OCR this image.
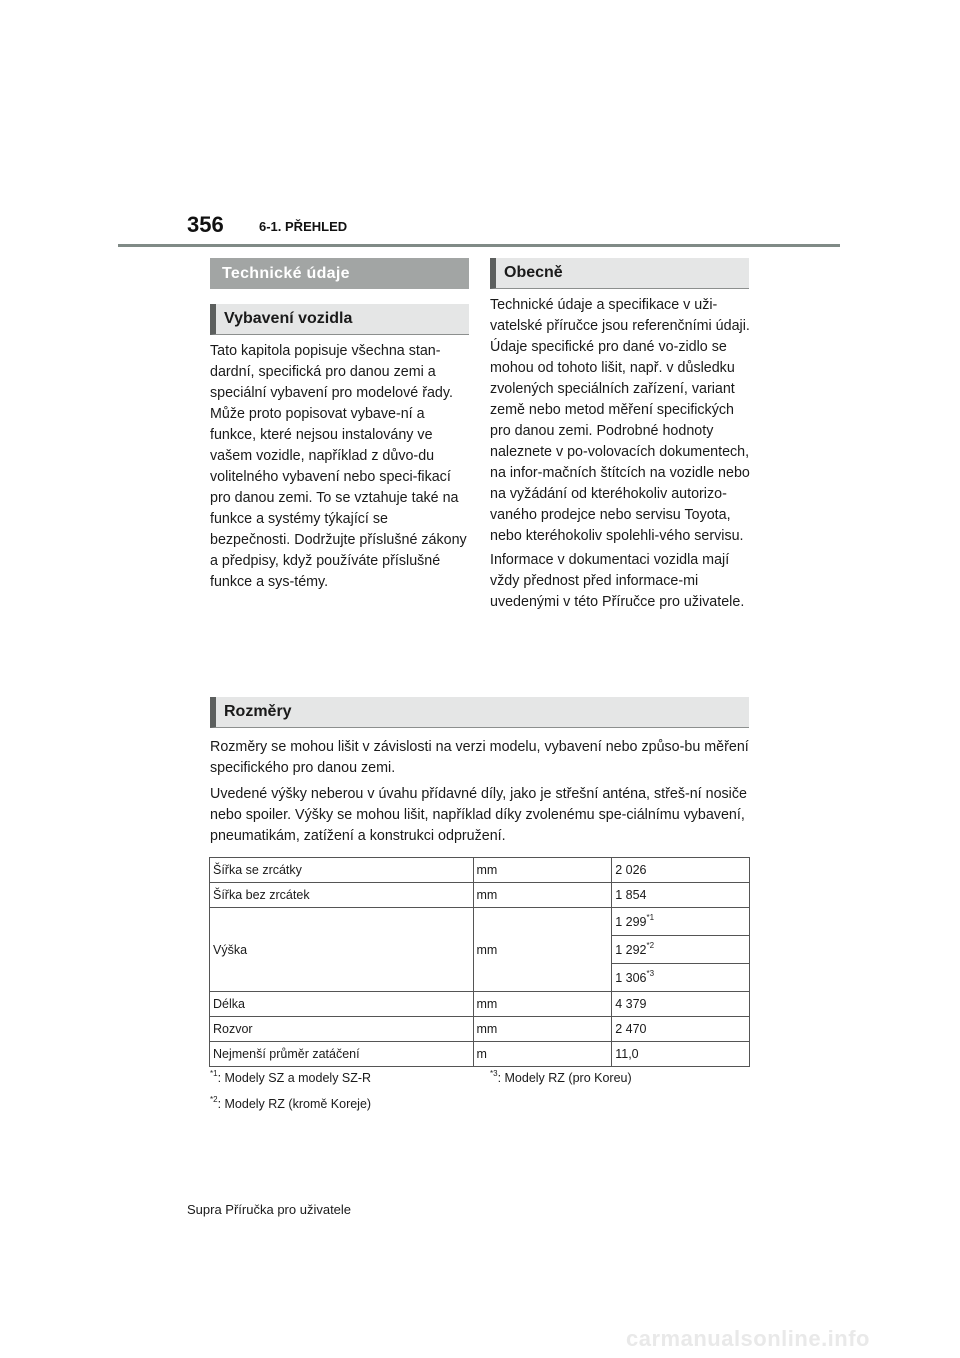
356	6-1. PŘEHLED
Technické údaje
Vybavení vozidla
Obecně

Tato kapitola popisuje všechna stan-dardní, specifická pro danou zemi a speciální vybavení pro modelové řady. Může proto popisovat vybave-ní a funkce, které nejsou instalovány ve vašem vozidle, například z důvo-du volitelného vybavení nebo speci-fikací pro danou zemi. To se vztahuje také na funkce a systémy týkající se bezpečnosti. Dodržujte příslušné zákony a předpisy, když používáte příslušné funkce a sys-témy.

Technické údaje a specifikace v uži-vatelské příručce jsou referenčními údaji. Údaje specifické pro dané vo-zidlo se mohou od tohoto lišit, např. v důsledku zvolených speciálních zařízení, variant země nebo metod měření specifických pro danou zemi. Podrobné hodnoty naleznete v po-volovacích dokumentech, na infor-mačních štítcích na vozidle nebo na vyžádání od kteréhokoliv autorizo-vaného prodejce nebo servisu Toyota, nebo kteréhokoliv spolehli-vého servisu.

Informace v dokumentaci vozidla mají vždy přednost před informace-mi uvedenými v této Příručce pro uživatele.

Rozměry

Rozměry se mohou lišit v závislosti na verzi modelu, vybavení nebo způso-bu měření specifického pro danou zemi.

Uvedené výšky neberou v úvahu přídavné díly, jako je střešní anténa, střeš-ní nosiče nebo spoiler. Výšky se mohou lišit, například díky zvolenému spe-ciálnímu vybavení, pneumatikám, zatížení a konstrukci odpružení.

Šířka se zrcátky	mm	2 026
Šířka bez zrcátek	mm	1 854
Výška	mm	1 299$^{*1}$
		1 292$^{*2}$
		1 306$^{*3}$
Délka	mm	4 379
Rozvor	mm	2 470
Nejmenší průměr zatáčení	m	11,0
$^{*1}$: Modely SZ a modely SZ-R
$^{*2}$: Modely RZ (kromě Koreje)
$^{*3}$: Modely RZ (pro Koreu)
Supra Příručka pro uživatele
carmanualsonline.info
